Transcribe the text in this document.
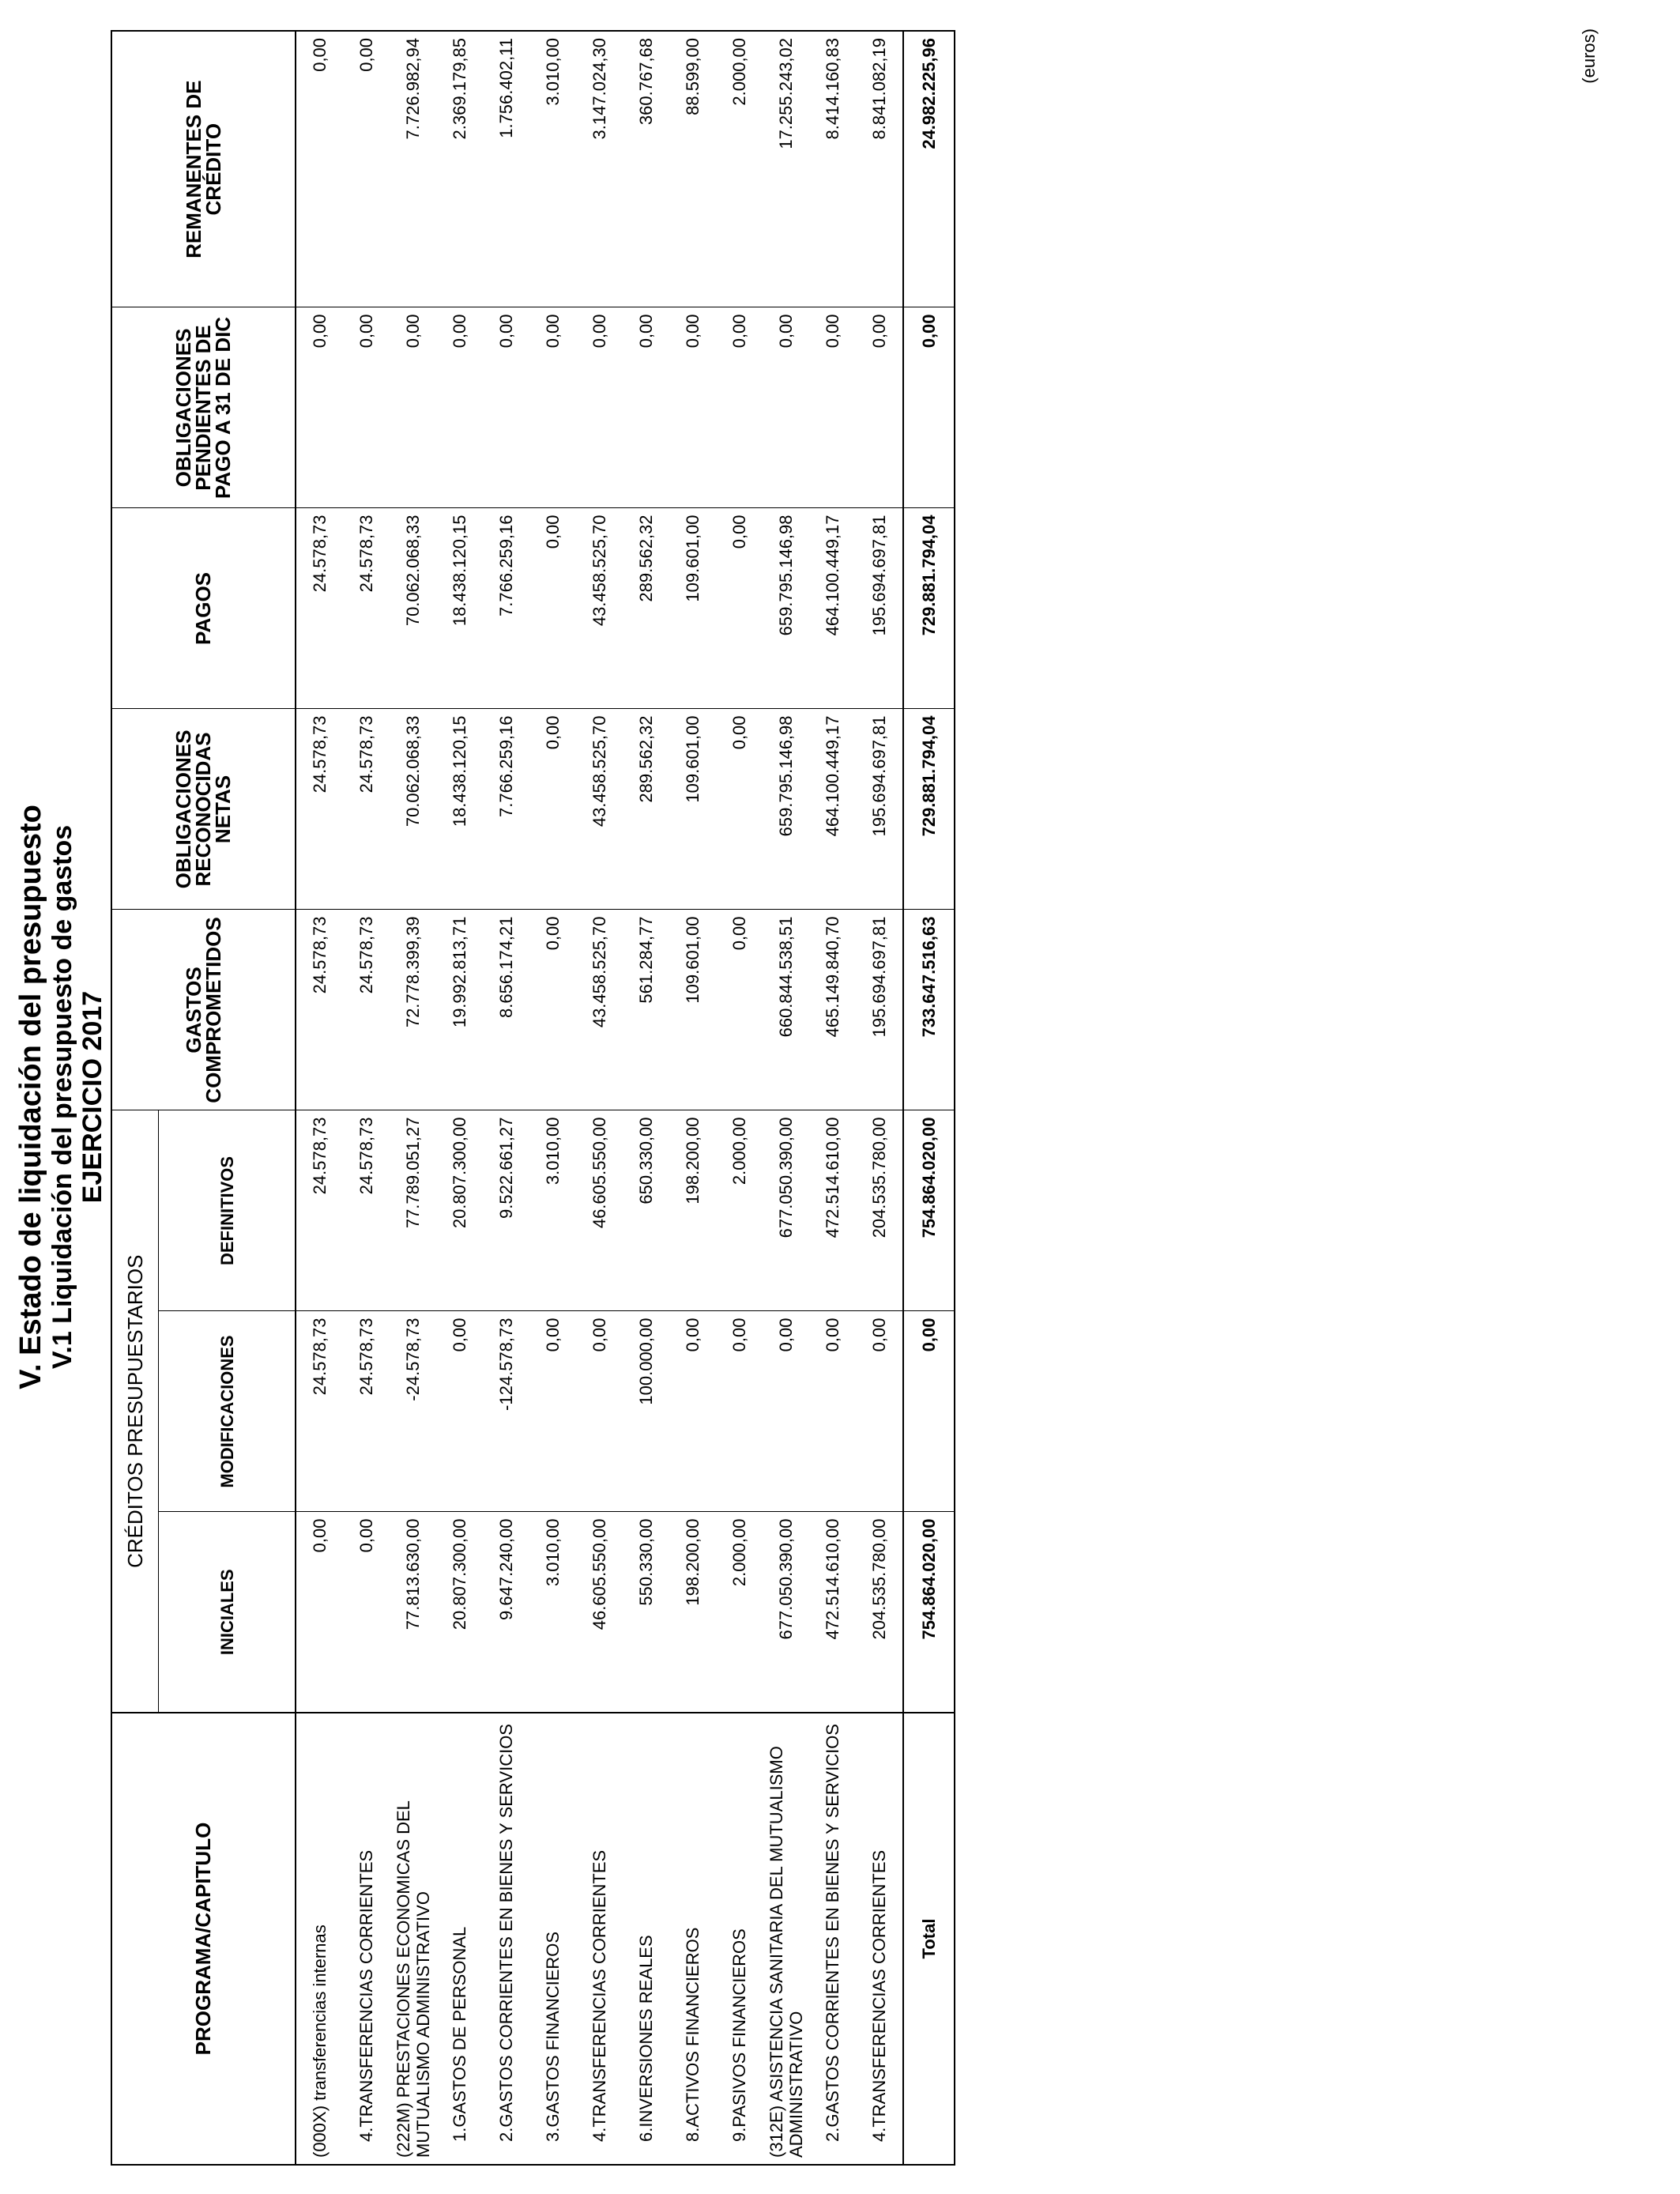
V. Estado de liquidación del presupuesto V.1 Liquidación del presupuesto de gastos EJERCICIO 2017
(euros)
PROGRAMA/CAPITULO	CRÉDITOS PRESUPUESTARIOS			GASTOS COMPROMETIDOS	OBLIGACIONES RECONOCIDAS NETAS	PAGOS	OBLIGACIONES PENDIENTES DE PAGO A 31 DE DIC	REMANENTES DE CRÉDITO
	INICIALES	MODIFICACIONES	DEFINITIVOS					
(000X) transferencias internas	0,00	24.578,73	24.578,73	24.578,73	24.578,73	24.578,73	0,00	0,00
4.TRANSFERENCIAS CORRIENTES	0,00	24.578,73	24.578,73	24.578,73	24.578,73	24.578,73	0,00	0,00
(222M) PRESTACIONES ECONOMICAS DEL MUTUALISMO ADMINISTRATIVO	77.813.630,00	-24.578,73	77.789.051,27	72.778.399,39	70.062.068,33	70.062.068,33	0,00	7.726.982,94
1.GASTOS DE PERSONAL	20.807.300,00	0,00	20.807.300,00	19.992.813,71	18.438.120,15	18.438.120,15	0,00	2.369.179,85
2.GASTOS CORRIENTES EN BIENES Y SERVICIOS	9.647.240,00	-124.578,73	9.522.661,27	8.656.174,21	7.766.259,16	7.766.259,16	0,00	1.756.402,11
3.GASTOS FINANCIEROS	3.010,00	0,00	3.010,00	0,00	0,00	0,00	0,00	3.010,00
4.TRANSFERENCIAS CORRIENTES	46.605.550,00	0,00	46.605.550,00	43.458.525,70	43.458.525,70	43.458.525,70	0,00	3.147.024,30
6.INVERSIONES REALES	550.330,00	100.000,00	650.330,00	561.284,77	289.562,32	289.562,32	0,00	360.767,68
8.ACTIVOS FINANCIEROS	198.200,00	0,00	198.200,00	109.601,00	109.601,00	109.601,00	0,00	88.599,00
9.PASIVOS FINANCIEROS	2.000,00	0,00	2.000,00	0,00	0,00	0,00	0,00	2.000,00
(312E) ASISTENCIA SANITARIA DEL MUTUALISMO ADMINISTRATIVO	677.050.390,00	0,00	677.050.390,00	660.844.538,51	659.795.146,98	659.795.146,98	0,00	17.255.243,02
2.GASTOS CORRIENTES EN BIENES Y SERVICIOS	472.514.610,00	0,00	472.514.610,00	465.149.840,70	464.100.449,17	464.100.449,17	0,00	8.414.160,83
4.TRANSFERENCIAS CORRIENTES	204.535.780,00	0,00	204.535.780,00	195.694.697,81	195.694.697,81	195.694.697,81	0,00	8.841.082,19
Total	754.864.020,00	0,00	754.864.020,00	733.647.516,63	729.881.794,04	729.881.794,04	0,00	24.982.225,96
